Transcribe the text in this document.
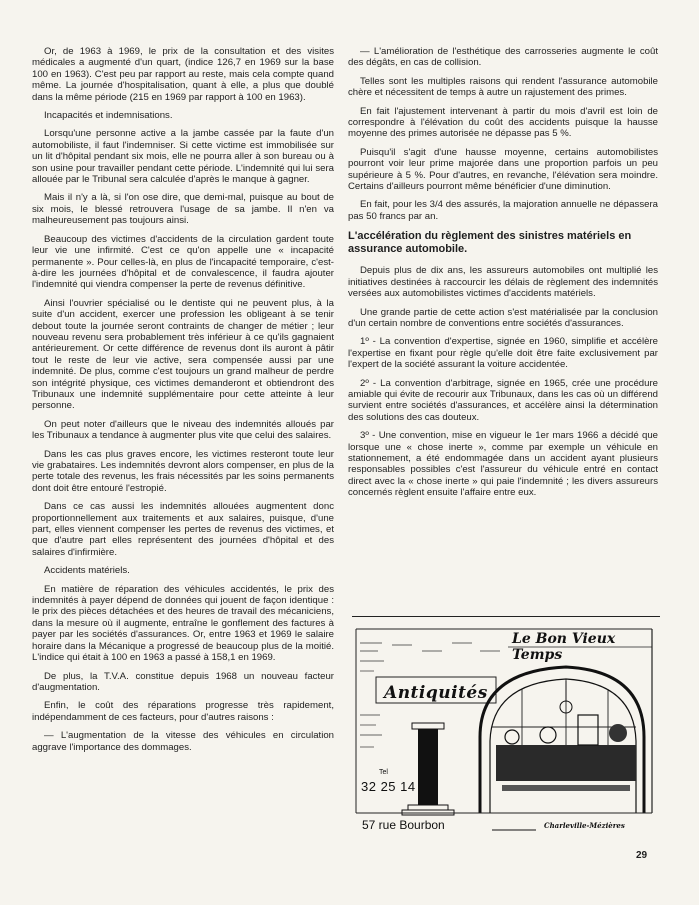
Or, de 1963 à 1969, le prix de la consultation et des visites médicales a augmenté d'un quart, (indice 126,7 en 1969 sur la base 100 en 1963). C'est peu par rapport au reste, mais cela compte quand même. La journée d'hospitalisation, quant à elle, a plus que doublé dans la même période (215 en 1969 par rapport à 100 en 1963).

Incapacités et indemnisations.

Lorsqu'une personne active a la jambe cassée par la faute d'un automobiliste, il faut l'indemniser. Si cette victime est immobilisée sur un lit d'hôpital pendant six mois, elle ne pourra aller à son bureau ou à son usine pour travailler pendant cette période. L'indemnité qui lui sera allouée par le Tribunal sera calculée d'après le manque à gagner.

Mais il n'y a là, si l'on ose dire, que demi-mal, puisque au bout de six mois, le blessé retrouvera l'usage de sa jambe. Il n'en va malheureusement pas toujours ainsi.

Beaucoup des victimes d'accidents de la circulation gardent toute leur vie une infirmité. C'est ce qu'on appelle une « incapacité permanente ». Pour celles-là, en plus de l'incapacité temporaire, c'est-à-dire les journées d'hôpital et de convalescence, il faudra ajouter l'indemnité qui viendra compenser la perte de revenus définitive.

Ainsi l'ouvrier spécialisé ou le dentiste qui ne peuvent plus, à la suite d'un accident, exercer une profession les obligeant à se tenir debout toute la journée seront contraints de changer de métier ; leur nouveau revenu sera probablement très inférieur à ce qu'ils gagnaient antérieurement. Or cette différence de revenus dont ils auront à pâtir tout le reste de leur vie active, sera compensée aussi par une indemnité. De plus, comme c'est toujours un grand malheur de perdre son intégrité physique, ces victimes demanderont et obtiendront des Tribunaux une indemnité supplémentaire pour cette atteinte à leur personne.

On peut noter d'ailleurs que le niveau des indemnités alloués par les Tribunaux a tendance à augmenter plus vite que celui des salaires.

Dans les cas plus graves encore, les victimes resteront toute leur vie grabataires. Les indemnités devront alors compenser, en plus de la perte totale des revenus, les frais nécessités par les soins permanents dont doit être entouré l'estropié.

Dans ce cas aussi les indemnités allouées augmentent donc proportionnellement aux traitements et aux salaires, puisque, d'une part, elles viennent compenser les pertes de revenus des victimes, et que d'autre part elles représentent des journées d'hôpital et des salaires d'infirmière.

Accidents matériels.

En matière de réparation des véhicules accidentés, le prix des indemnités à payer dépend de données qui jouent de façon identique : le prix des pièces détachées et des heures de travail des mécaniciens, dans la mesure où il augmente, entraîne le gonflement des factures à payer par les sociétés d'assurances. Or, entre 1963 et 1969 le salaire horaire dans la Mécanique a progressé de beaucoup plus de la moitié. L'indice qui était à 100 en 1963 a passé à 158,1 en 1969.

De plus, la T.V.A. constitue depuis 1968 un nouveau facteur d'augmentation.

Enfin, le coût des réparations progresse très rapidement, indépendamment de ces facteurs, pour d'autres raisons :

— L'augmentation de la vitesse des véhicules en circulation aggrave l'importance des dommages.

— L'amélioration de l'esthétique des carrosseries augmente le coût des dégâts, en cas de collision.

Telles sont les multiples raisons qui rendent l'assurance automobile chère et nécessitent de temps à autre un rajustement des primes.

En fait l'ajustement intervenant à partir du mois d'avril est loin de correspondre à l'élévation du coût des accidents puisque la hausse moyenne des primes autorisée ne dépasse pas 5 %.

Puisqu'il s'agit d'une hausse moyenne, certains automobilistes pourront voir leur prime majorée dans une proportion parfois un peu supérieure à 5 %. Pour d'autres, en revanche, l'élévation sera moindre. Certains d'ailleurs pourront même bénéficier d'une diminution.

En fait, pour les 3/4 des assurés, la majoration annuelle ne dépassera pas 50 francs par an.

L'accélération du règlement des sinistres matériels en assurance automobile.

Depuis plus de dix ans, les assureurs automobiles ont multiplié les initiatives destinées à raccourcir les délais de règlement des indemnités versées aux automobilistes victimes d'accidents matériels.

Une grande partie de cette action s'est matérialisée par la conclusion d'un certain nombre de conventions entre sociétés d'assurances.

1º - La convention d'expertise, signée en 1960, simplifie et accélère l'expertise en fixant pour règle qu'elle doit être faite exclusivement par l'expert de la société assurant la voiture accidentée.

2º - La convention d'arbitrage, signée en 1965, crée une procédure amiable qui évite de recourir aux Tribunaux, dans les cas où un différend survient entre sociétés d'assurances, et accélère ainsi la détermination des solutions des cas douteux.

3º - Une convention, mise en vigueur le 1er mars 1966 a décidé que lorsque une « chose inerte », comme par exemple un véhicule en stationnement, a été endommagée dans un accident ayant plusieurs responsables possibles c'est l'assureur du véhicule entré en contact direct avec la « chose inerte » qui paie l'indemnité ; les divers assureurs concernés règlent ensuite l'affaire entre eux.

Le Bon Vieux Temps
Antiquités
Tel
32 25 14
57 rue Bourbon	Charleville-Mézières
29
